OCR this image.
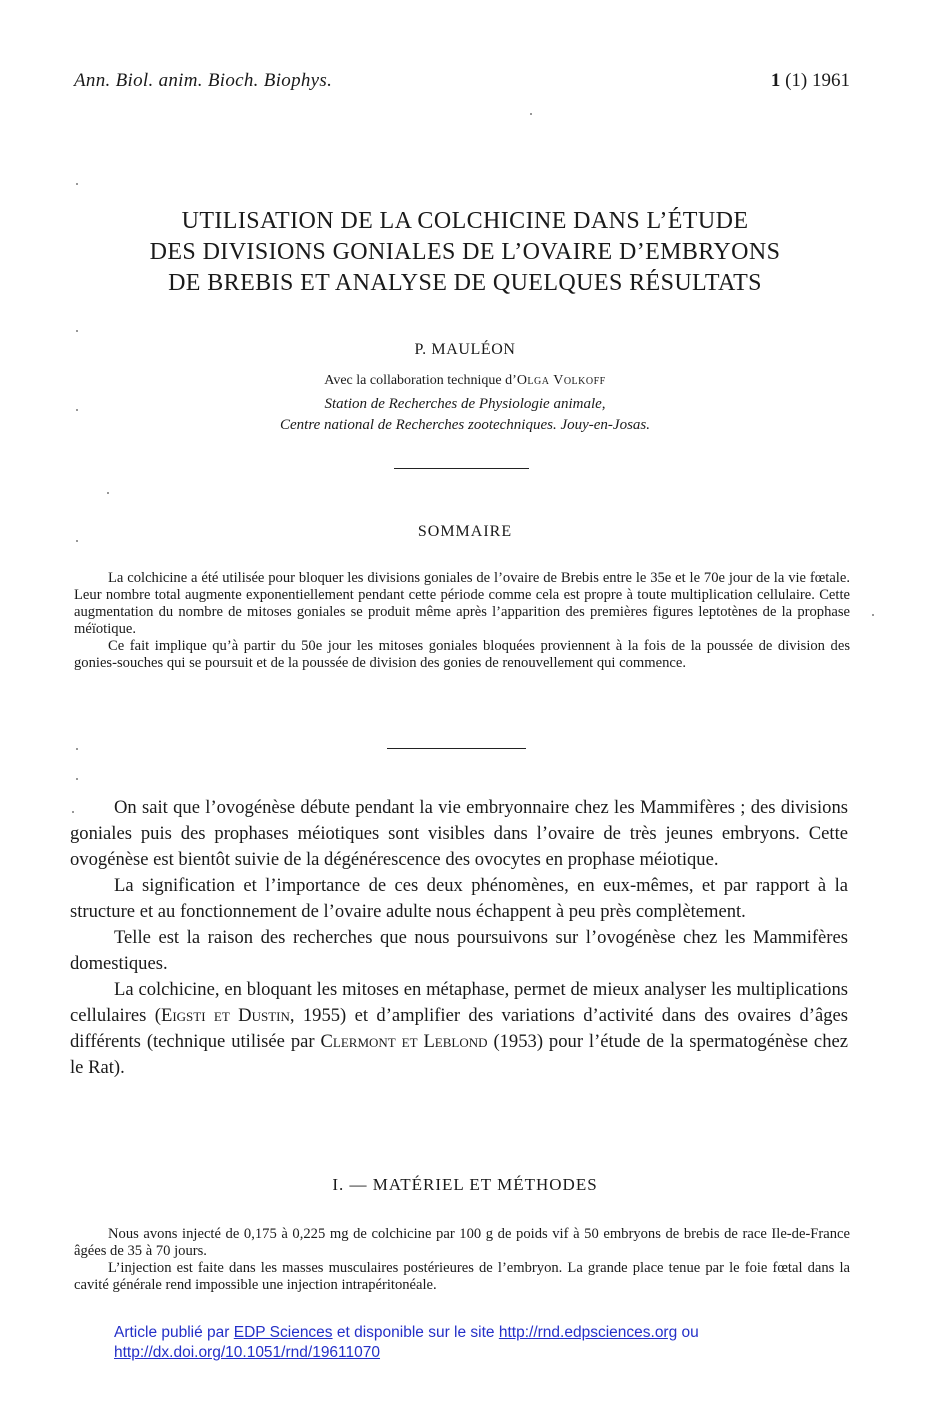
Ann. Biol. anim. Bioch. Biophys.	1 (1) 1961
UTILISATION DE LA COLCHICINE DANS L’ÉTUDE
DES DIVISIONS GONIALES DE L’OVAIRE D’EMBRYONS
DE BREBIS ET ANALYSE DE QUELQUES RÉSULTATS
P. MAULÉON
Avec la collaboration technique d’Olga Volkoff
Station de Recherches de Physiologie animale,
Centre national de Recherches zootechniques. Jouy-en-Josas.
SOMMAIRE

La colchicine a été utilisée pour bloquer les divisions goniales de l’ovaire de Brebis entre le 35e et le 70e jour de la vie fœtale. Leur nombre total augmente exponentiellement pendant cette période comme cela est propre à toute multiplication cellulaire. Cette augmentation du nombre de mitoses goniales se produit même après l’apparition des premières figures leptotènes de la prophase méïotique.

Ce fait implique qu’à partir du 50e jour les mitoses goniales bloquées proviennent à la fois de la poussée de division des gonies-souches qui se poursuit et de la poussée de division des gonies de renouvellement qui commence.

On sait que l’ovogénèse débute pendant la vie embryonnaire chez les Mammifères ; des divisions goniales puis des prophases méiotiques sont visibles dans l’ovaire de très jeunes embryons. Cette ovogénèse est bientôt suivie de la dégénérescence des ovocytes en prophase méiotique.

La signification et l’importance de ces deux phénomènes, en eux-mêmes, et par rapport à la structure et au fonctionnement de l’ovaire adulte nous échappent à peu près complètement.

Telle est la raison des recherches que nous poursuivons sur l’ovogénèse chez les Mammifères domestiques.

La colchicine, en bloquant les mitoses en métaphase, permet de mieux analyser les multiplications cellulaires (Eigsti et Dustin, 1955) et d’amplifier des variations d’activité dans des ovaires d’âges différents (technique utilisée par Clermont et Leblond (1953) pour l’étude de la spermatogénèse chez le Rat).

I. — MATÉRIEL ET MÉTHODES

Nous avons injecté de 0,175 à 0,225 mg de colchicine par 100 g de poids vif à 50 embryons de brebis de race Ile-de-France âgées de 35 à 70 jours.

L’injection est faite dans les masses musculaires postérieures de l’embryon. La grande place tenue par le foie fœtal dans la cavité générale rend impossible une injection intrapéritonéale.

Article publié par EDP Sciences et disponible sur le site http://rnd.edpsciences.org ou
http://dx.doi.org/10.1051/rnd/19611070
